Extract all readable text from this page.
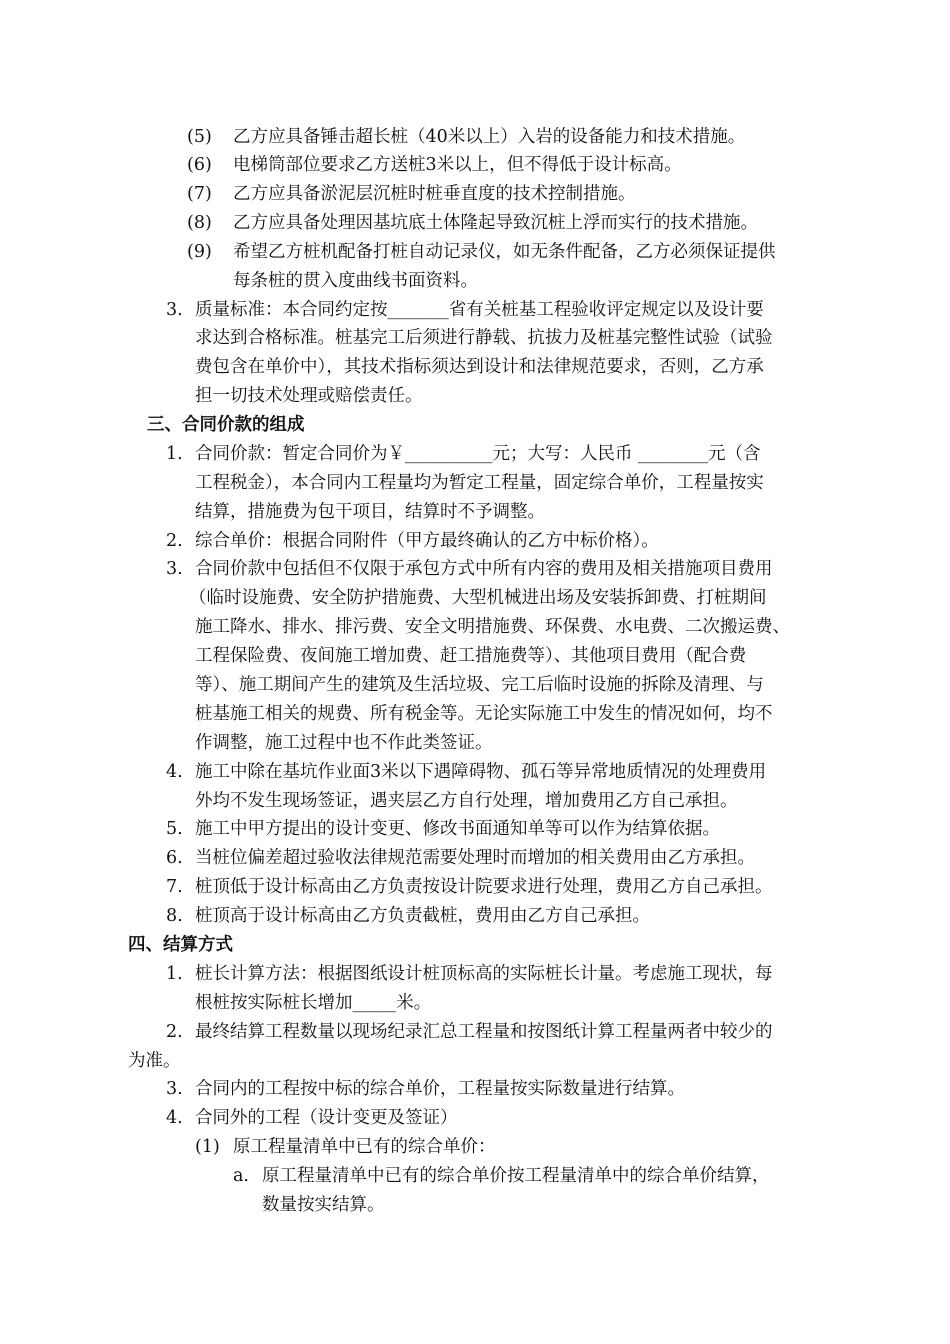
(5) 乙方应具备锤击超长桩（40米以上）入岩的设备能力和技术措施。
(6) 电梯筒部位要求乙方送桩3米以上，但不得低于设计标高。
(7) 乙方应具备淤泥层沉桩时桩垂直度的技术控制措施。
(8) 乙方应具备处理因基坑底土体隆起导致沉桩上浮而实行的技术措施。
(9) 希望乙方桩机配备打桩自动记录仪，如无条件配备，乙方必须保证提供
每条桩的贯入度曲线书面资料。
3. 质量标准：本合同约定按_______省有关桩基工程验收评定规定以及设计要
求达到合格标准。桩基完工后须进行静载、抗拔力及桩基完整性试验（试验
费包含在单价中），其技术指标须达到设计和法律规范要求，否则，乙方承
担一切技术处理或赔偿责任。
三、合同价款的组成
1. 合同价款：暂定合同价为￥__________元；大写：人民币 ________元（含
工程税金），本合同内工程量均为暂定工程量，固定综合单价，工程量按实
结算，措施费为包干项目，结算时不予调整。
2. 综合单价：根据合同附件（甲方最终确认的乙方中标价格）。
3. 合同价款中包括但不仅限于承包方式中所有内容的费用及相关措施项目费用
（临时设施费、安全防护措施费、大型机械进出场及安装拆卸费、打桩期间
施工降水、排水、排污费、安全文明措施费、环保费、水电费、二次搬运费、
工程保险费、夜间施工增加费、赶工措施费等）、其他项目费用（配合费
等）、施工期间产生的建筑及生活垃圾、完工后临时设施的拆除及清理、与
桩基施工相关的规费、所有税金等。无论实际施工中发生的情况如何，均不
作调整，施工过程中也不作此类签证。
4. 施工中除在基坑作业面3米以下遇障碍物、孤石等异常地质情况的处理费用
外均不发生现场签证，遇夹层乙方自行处理，增加费用乙方自己承担。
5. 施工中甲方提出的设计变更、修改书面通知单等可以作为结算依据。
6. 当桩位偏差超过验收法律规范需要处理时而增加的相关费用由乙方承担。
7. 桩顶低于设计标高由乙方负责按设计院要求进行处理，费用乙方自己承担。
8. 桩顶高于设计标高由乙方负责截桩，费用由乙方自己承担。
四、结算方式
1. 桩长计算方法：根据图纸设计桩顶标高的实际桩长计量。考虑施工现状，每
根桩按实际桩长增加_____米。
2. 最终结算工程数量以现场纪录汇总工程量和按图纸计算工程量两者中较少的
为准。
3. 合同内的工程按中标的综合单价，工程量按实际数量进行结算。
4. 合同外的工程（设计变更及签证）
(1) 原工程量清单中已有的综合单价：
a. 原工程量清单中已有的综合单价按工程量清单中的综合单价结算，
数量按实结算。
